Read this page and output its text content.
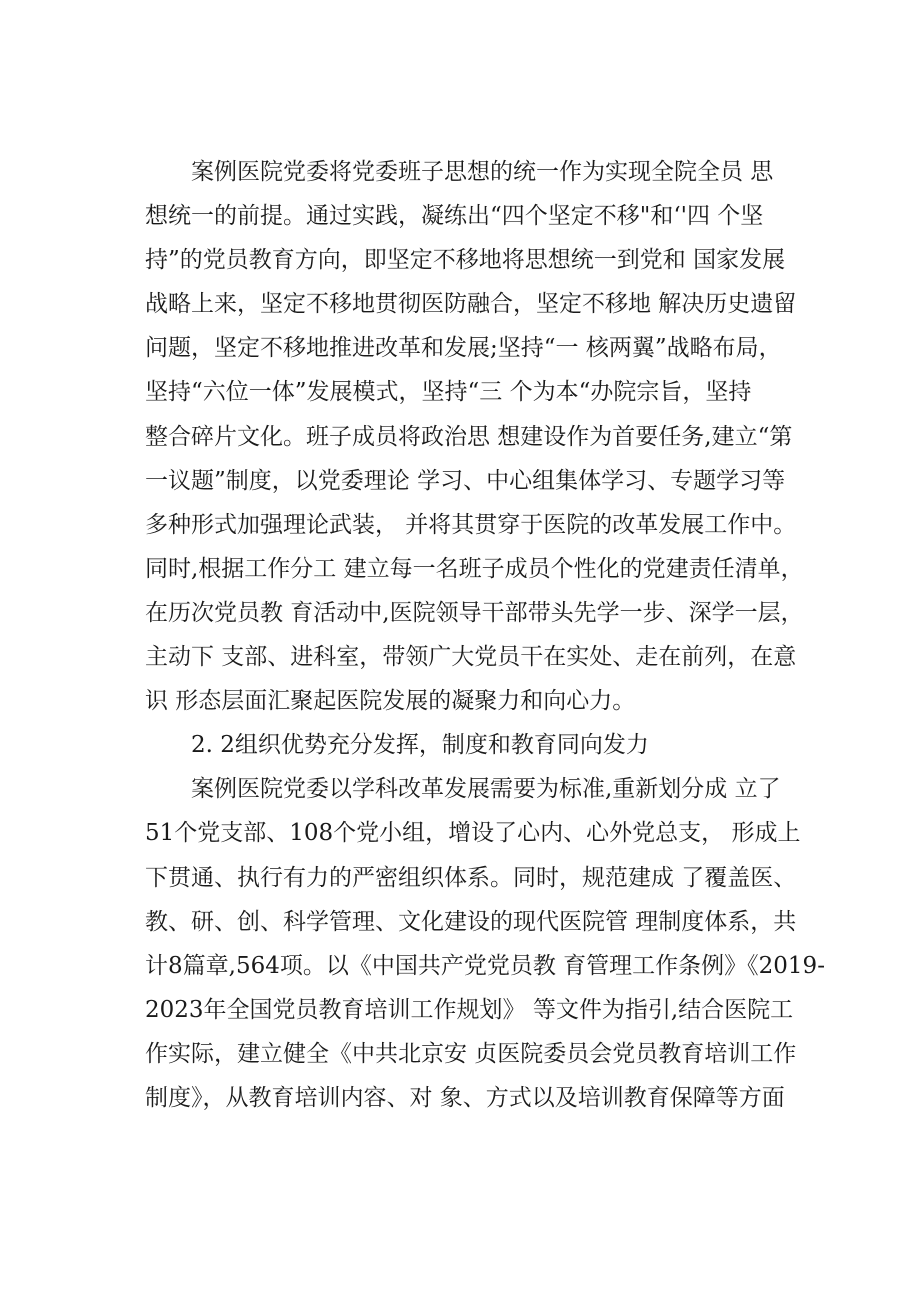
案例医院党委将党委班子思想的统一作为实现全院全员 思
想统一的前提。通过实践，凝练出“四个坚定不移"和‘'四 个坚
持”的党员教育方向，即坚定不移地将思想统一到党和 国家发展
战略上来，坚定不移地贯彻医防融合，坚定不移地 解决历史遗留
问题，坚定不移地推进改革和发展;坚持“一 核两翼”战略布局，
坚持“六位一体”发展模式，坚持“三 个为本“办院宗旨，坚持
整合碎片文化。班子成员将政治思 想建设作为首要任务,建立“第
一议题”制度，以党委理论 学习、中心组集体学习、专题学习等
多种形式加强理论武装， 并将其贯穿于医院的改革发展工作中。
同时,根据工作分工 建立每一名班子成员个性化的党建责任清单，
在历次党员教 育活动中,医院领导干部带头先学一步、深学一层，
主动下 支部、进科室，带领广大党员干在实处、走在前列，在意
识 形态层面汇聚起医院发展的凝聚力和向心力。
2. 2组织优势充分发挥，制度和教育同向发力
案例医院党委以学科改革发展需要为标准,重新划分成 立了
51个党支部、108个党小组，增设了心内、心外党总支， 形成上
下贯通、执行有力的严密组织体系。同时，规范建成 了覆盖医、
教、研、创、科学管理、文化建设的现代医院管 理制度体系，共
计8篇章,564项。以《中国共产党党员教 育管理工作条例》《2019-
2023年全国党员教育培训工作规划》 等文件为指引,结合医院工
作实际，建立健全《中共北京安 贞医院委员会党员教育培训工作
制度》，从教育培训内容、对 象、方式以及培训教育保障等方面
